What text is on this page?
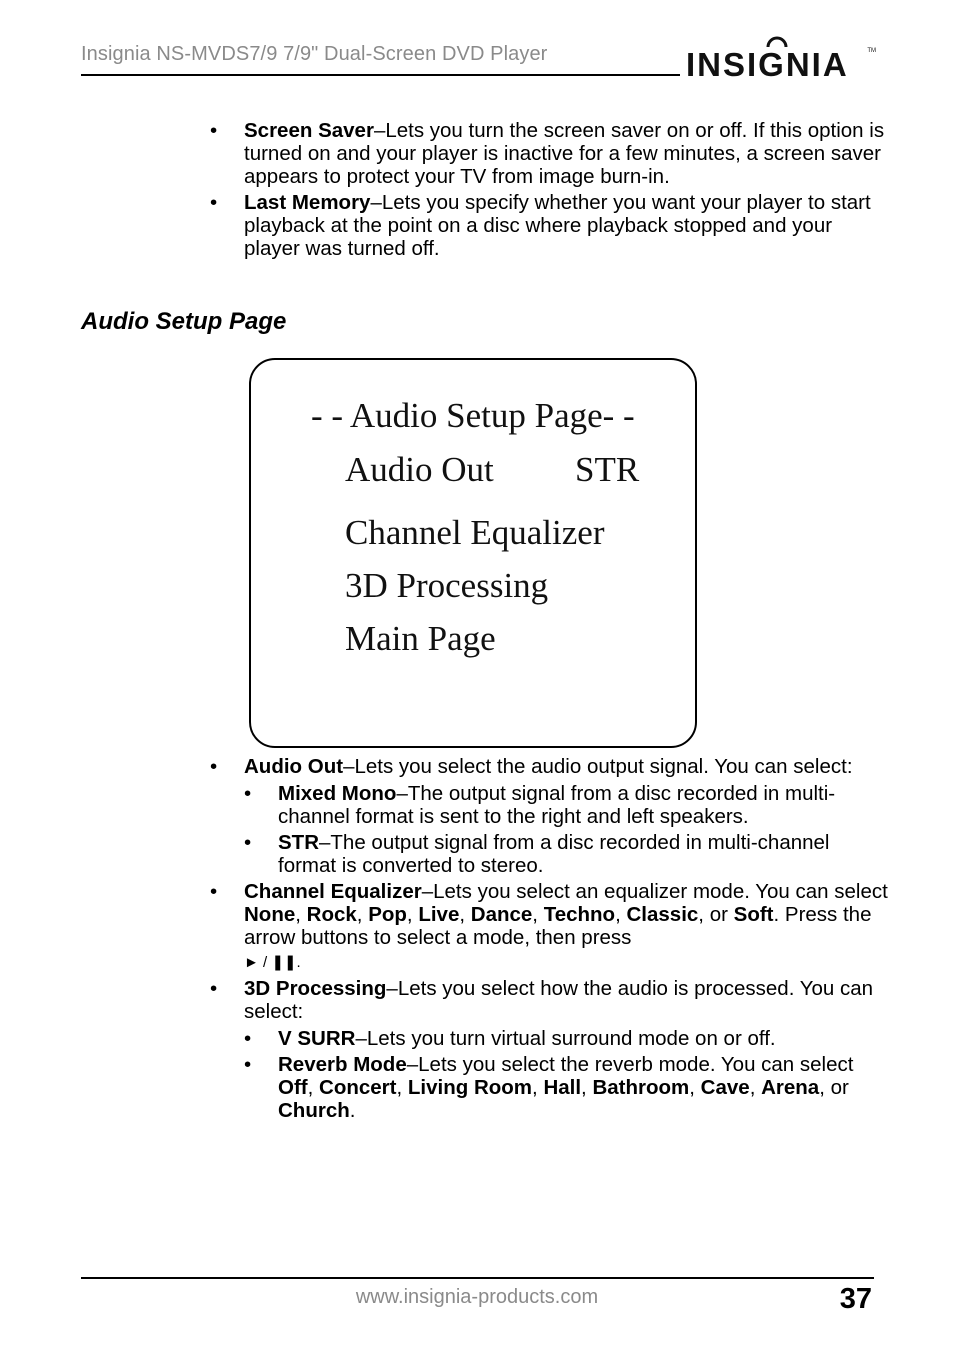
Insignia NS-MVDS7/9 7/9" Dual-Screen DVD Player	INSIGNIA	TM
• Screen Saver–Lets you turn the screen saver on or off. If this option is turned on and your player is inactive for a few minutes, a screen saver appears to protect your TV from image burn-in.
• Last Memory–Lets you specify whether you want your player to start playback at the point on a disc where playback stopped and your player was turned off.
Audio Setup Page
- - Audio Setup Page- -
Audio Out STR
Channel Equalizer
3D Processing
Main Page
• Audio Out–Lets you select the audio output signal. You can select:
• Mixed Mono–The output signal from a disc recorded in multi-channel format is sent to the right and left speakers.
• STR–The output signal from a disc recorded in multi-channel format is converted to stereo.
• Channel Equalizer–Lets you select an equalizer mode. You can select None, Rock, Pop, Live, Dance, Techno, Classic, or Soft. Press the arrow buttons to select a mode, then press
► / ❚❚.
• 3D Processing–Lets you select how the audio is processed. You can select:
• V SURR–Lets you turn virtual surround mode on or off.
• Reverb Mode–Lets you select the reverb mode. You can select Off, Concert, Living Room, Hall, Bathroom, Cave, Arena, or Church.
www.insignia-products.com	37
